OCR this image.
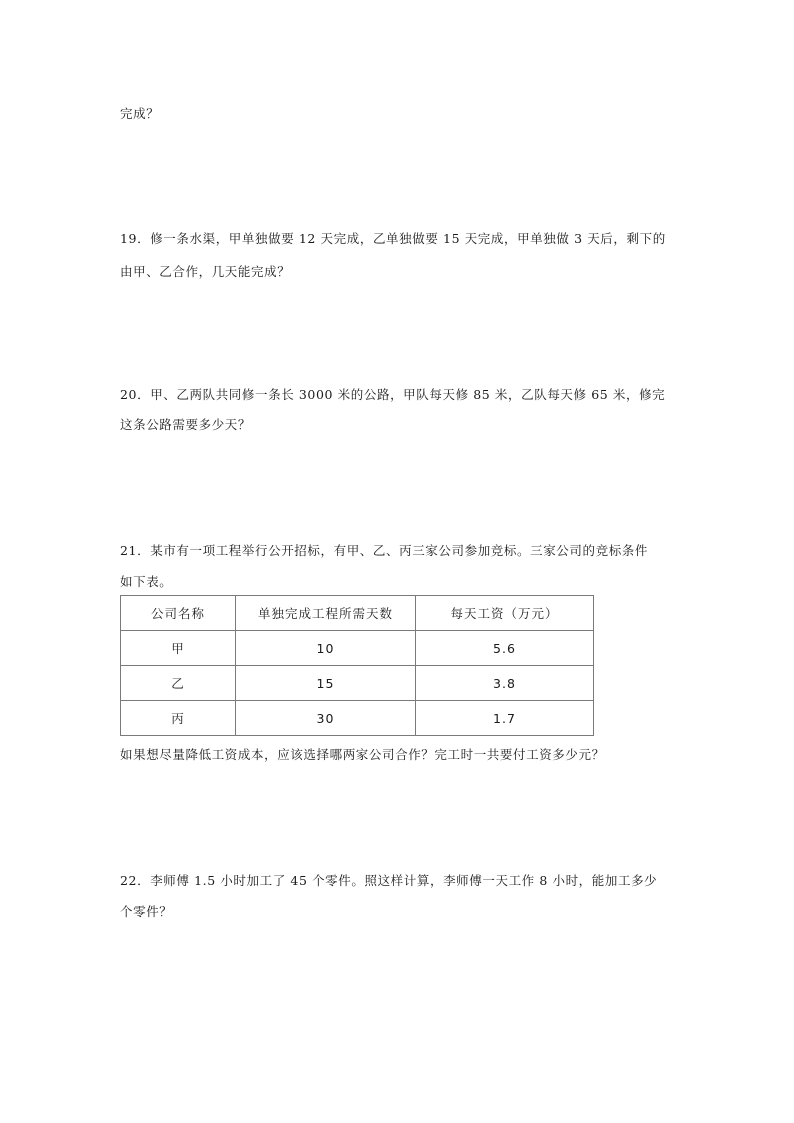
完成？
19．修一条水渠，甲单独做要 12 天完成，乙单独做要 15 天完成，甲单独做 3 天后，剩下的
由甲、乙合作，几天能完成？
20．甲、乙两队共同修一条长 3000 米的公路，甲队每天修 85 米，乙队每天修 65 米，修完
这条公路需要多少天？
21．某市有一项工程举行公开招标，有甲、乙、丙三家公司参加竞标。三家公司的竞标条件
如下表。
公司名称	单独完成工程所需天数	每天工资（万元）
甲	10	5.6
乙	15	3.8
丙	30	1.7
如果想尽量降低工资成本，应该选择哪两家公司合作？完工时一共要付工资多少元？
22．李师傅 1.5 小时加工了 45 个零件。照这样计算，李师傅一天工作 8 小时，能加工多少
个零件？
